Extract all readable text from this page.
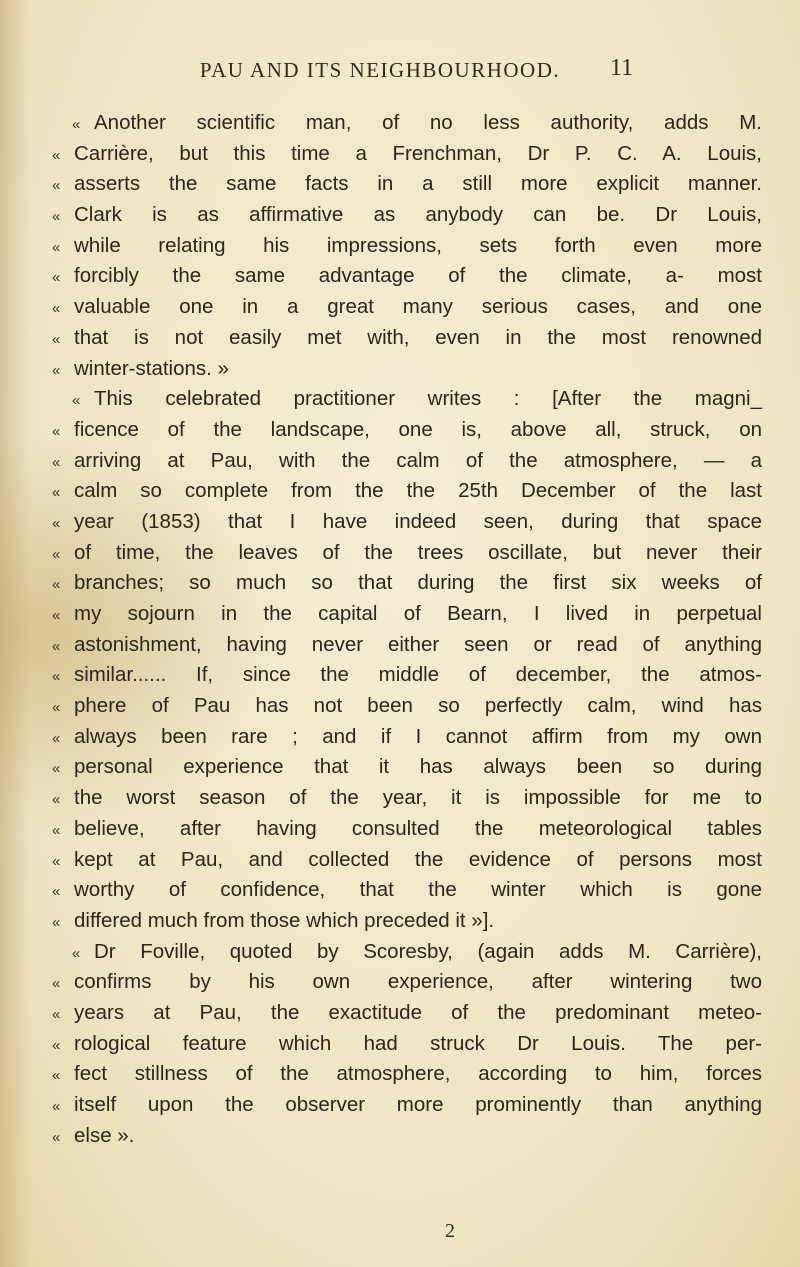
PAU AND ITS NEIGHBOURHOOD.	11
« Another scientific man, of no less authority, adds M.
« Carrière, but this time a Frenchman, Dr P. C. A. Louis,
« asserts the same facts in a still more explicit manner.
« Clark is as affirmative as anybody can be. Dr Louis,
« while relating his impressions, sets forth even more
« forcibly the same advantage of the climate, a- most
« valuable one in a great many serious cases, and one
« that is not easily met with, even in the most renowned
« winter-stations. »
« This celebrated practitioner writes : [After the magni_
« ficence of the landscape, one is, above all, struck, on
« arriving at Pau, with the calm of the atmosphere, — a
« calm so complete from the the 25th December of the last
« year (1853) that I have indeed seen, during that space
« of time, the leaves of the trees oscillate, but never their
« branches; so much so that during the first six weeks of
« my sojourn in the capital of Bearn, I lived in perpetual
« astonishment, having never either seen or read of anything
« similar...... If, since the middle of december, the atmos-
« phere of Pau has not been so perfectly calm, wind has
« always been rare ; and if I cannot affirm from my own
« personal experience that it has always been so during
« the worst season of the year, it is impossible for me to
« believe, after having consulted the meteorological tables
« kept at Pau, and collected the evidence of persons most
« worthy of confidence, that the winter which is gone
« differed much from those which preceded it »].
« Dr Foville, quoted by Scoresby, (again adds M. Carrière),
« confirms by his own experience, after wintering two
« years at Pau, the exactitude of the predominant meteo-
« rological feature which had struck Dr Louis. The per-
« fect stillness of the atmosphere, according to him, forces
« itself upon the observer more prominently than anything
« else ».
2
